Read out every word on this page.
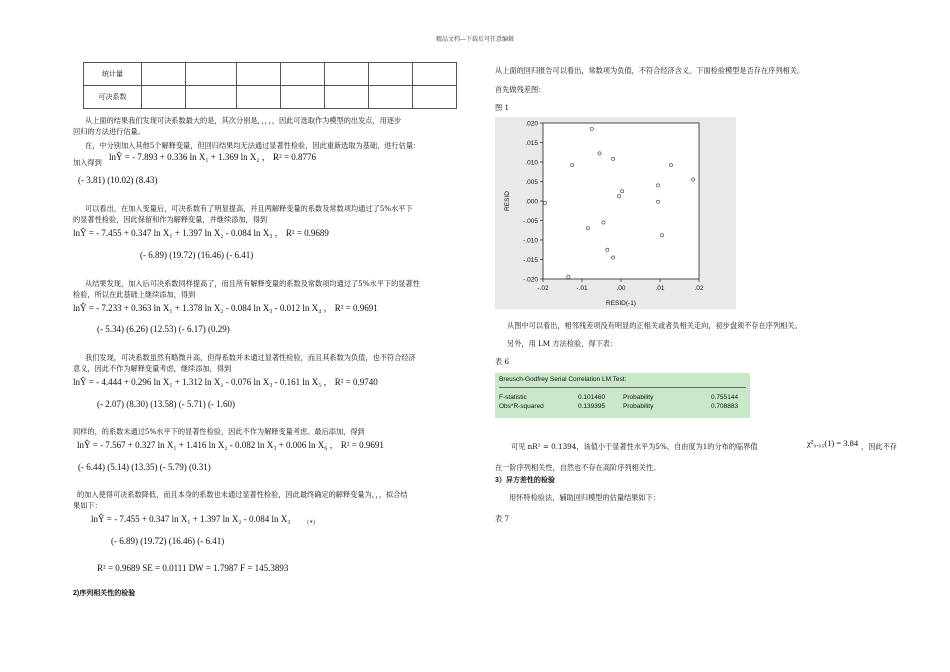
精品文档---下载后可任意编辑
统计量							
可决系数							
从上面的结果我们发现可决系数最大的是，其次分别是，，，，，因此可选取作为模型的出发点，用逐步
回归的方法进行估量。
在，中分别加入其他5个解释变量，但回归结果均无法通过显著性检验，因此重新选取为基础，进行估量：
加入得到
lnŶ = - 7.893 + 0.336 ln X₁ + 1.369 ln X₂ ， R² = 0.8776
(- 3.81) (10.02) (8.43)
可以看出，在加入变量后，可决系数有了明显提高，并且两解释变量的系数及常数项均通过了5%水平下
的显著性检验，因此保留和作为解释变量，并继续添加，得到
lnŶ = - 7.455 + 0.347 ln X₁ + 1.397 ln X₂ - 0.084 ln X₃ ， R² = 0.9689
(- 6.89) (19.72) (16.46) (- 6.41)
从结果发现，加入后可决系数同样提高了，而且所有解释变量的系数及常数项均通过了5%水平下的显著性
检验，所以在此基础上继续添加，得到
lnŶ = - 7.233 + 0.363 ln X₁ + 1.378 ln X₂ - 0.084 ln X₃ - 0.012 ln X₄ ， R² = 0.9691
(- 5.34) (6.26) (12.53) (- 6.17) (0.29)
我们发现，可决系数虽然有略微升高，但得系数并未通过显著性检验，而且其系数为负值，也不符合经济
意义，因此不作为解释变量考虑，继续添加，得到
lnŶ = - 4.444 + 0.296 ln X₁ + 1.312 ln X₂ - 0.076 ln X₃ - 0.161 ln X₅ ， R² = 0.9740
(- 2.07) (8.30) (13.58) (- 5.71) (- 1.60)
同样的，的系数未通过5%水平下的显著性检验，因此不作为解释变量考虑。最后添加，得到
lnŶ = - 7.567 + 0.327 ln X₁ + 1.416 ln X₂ - 0.082 ln X₃ + 0.006 ln X₆ ， R² = 0.9691
(- 6.44) (5.14) (13.35) (- 5.79) (0.31)
的加入使得可决系数降低，而且本身的系数也未通过显著性检验，因此最终确定的解释变量为，，，拟合结
果如下：
lnŶ = - 7.455 + 0.347 ln X₁ + 1.397 ln X₂ - 0.084 ln X₃ （*）
(- 6.89) (19.72) (16.46) (- 6.41)
R² = 0.9689 SE = 0.0111 DW = 1.7987 F = 145.3893
2)序列相关性的检验
从上面的回归报告可以看出，常数项为负值，不符合经济含义。下面检验模型是否存在序列相关。
首先做残差图：
图 1
-.02	-.01	.00	.01	.02
.020
.015
.010
.005
.000
-.005
-.010
-.015
-.020
RESID(-1)
RESID
从图中可以看出，相邻残差项没有明显的正相关或者负相关走向，初步盘须不存在序列相关。
另外，用 LM 方法检验，得下表：
表 6
Breusch-Godfrey Serial Correlation LM Test:
F-statistic	0.101460	Probability	0.755144
Obs*R-squared	0.139395	Probability	0.708883
可见 nR² = 0.1394，该值小于显著性水平为5%、自由度为1的分布的临界值	χ²₀.₀₅(1) = 3.84 ，因此不存
在一阶序列相关性，自然也不存在高阶序列相关性。
3）异方差性的检验
用怀特检验法，辅助回归模型的估量结果如下：
表 7
